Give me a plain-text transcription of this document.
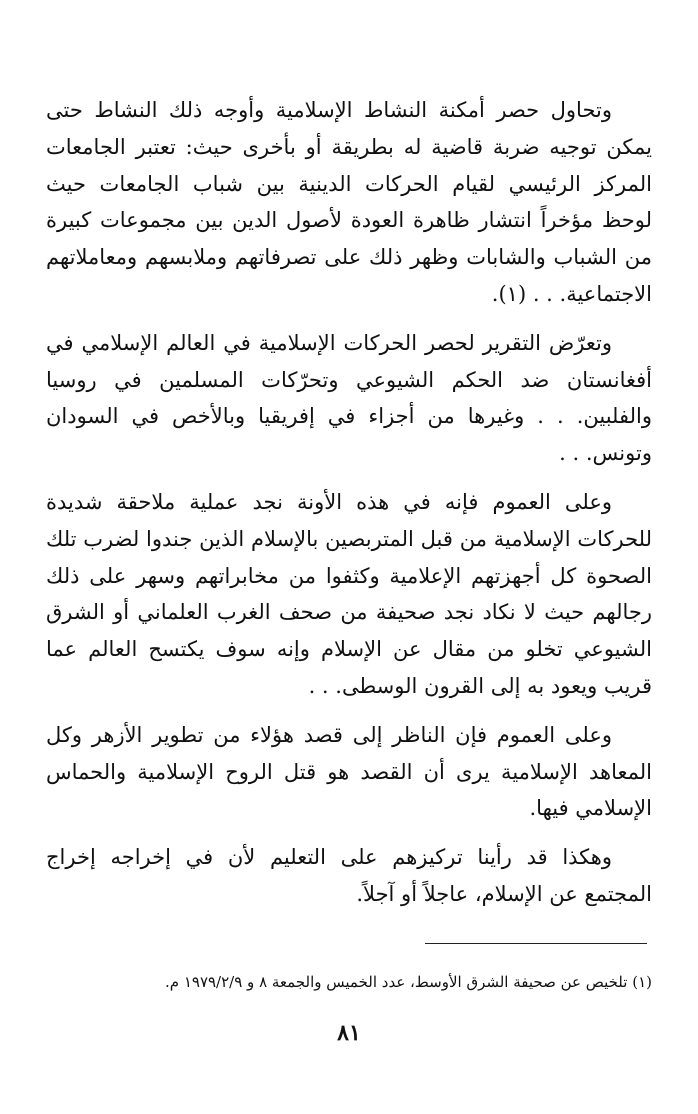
وتحاول حصر أمكنة النشاط الإسلامية وأوجه ذلك النشاط حتى يمكن توجيه ضربة قاضية له بطريقة أو بأخرى حيث: تعتبر الجامعات المركز الرئيسي لقيام الحركات الدينية بين شباب الجامعات حيث لوحظ مؤخراً انتشار ظاهرة العودة لأصول الدين بين مجموعات كبيرة من الشباب والشابات وظهر ذلك على تصرفاتهم وملابسهم ومعاملاتهم الاجتماعية. . . (١).

وتعرّض التقرير لحصر الحركات الإسلامية في العالم الإسلامي في أفغانستان ضد الحكم الشيوعي وتحرّكات المسلمين في روسيا والفلبين. . . وغيرها من أجزاء في إفريقيا وبالأخص في السودان وتونس. . .

وعلى العموم فإنه في هذه الأونة نجد عملية ملاحقة شديدة للحركات الإسلامية من قبل المتربصين بالإسلام الذين جندوا لضرب تلك الصحوة كل أجهزتهم الإعلامية وكثفوا من مخابراتهم وسهر على ذلك رجالهم حيث لا نكاد نجد صحيفة من صحف الغرب العلماني أو الشرق الشيوعي تخلو من مقال عن الإسلام وإنه سوف يكتسح العالم عما قريب ويعود به إلى القرون الوسطى. . .

وعلى العموم فإن الناظر إلى قصد هؤلاء من تطوير الأزهر وكل المعاهد الإسلامية يرى أن القصد هو قتل الروح الإسلامية والحماس الإسلامي فيها.

وهكذا قد رأينا تركيزهم على التعليم لأن في إخراجه إخراج المجتمع عن الإسلام، عاجلاً أو آجلاً.

(١) تلخيص عن صحيفة الشرق الأوسط، عدد الخميس والجمعة ٨ و ١٩٧٩/٢/٩ م.
٨١
